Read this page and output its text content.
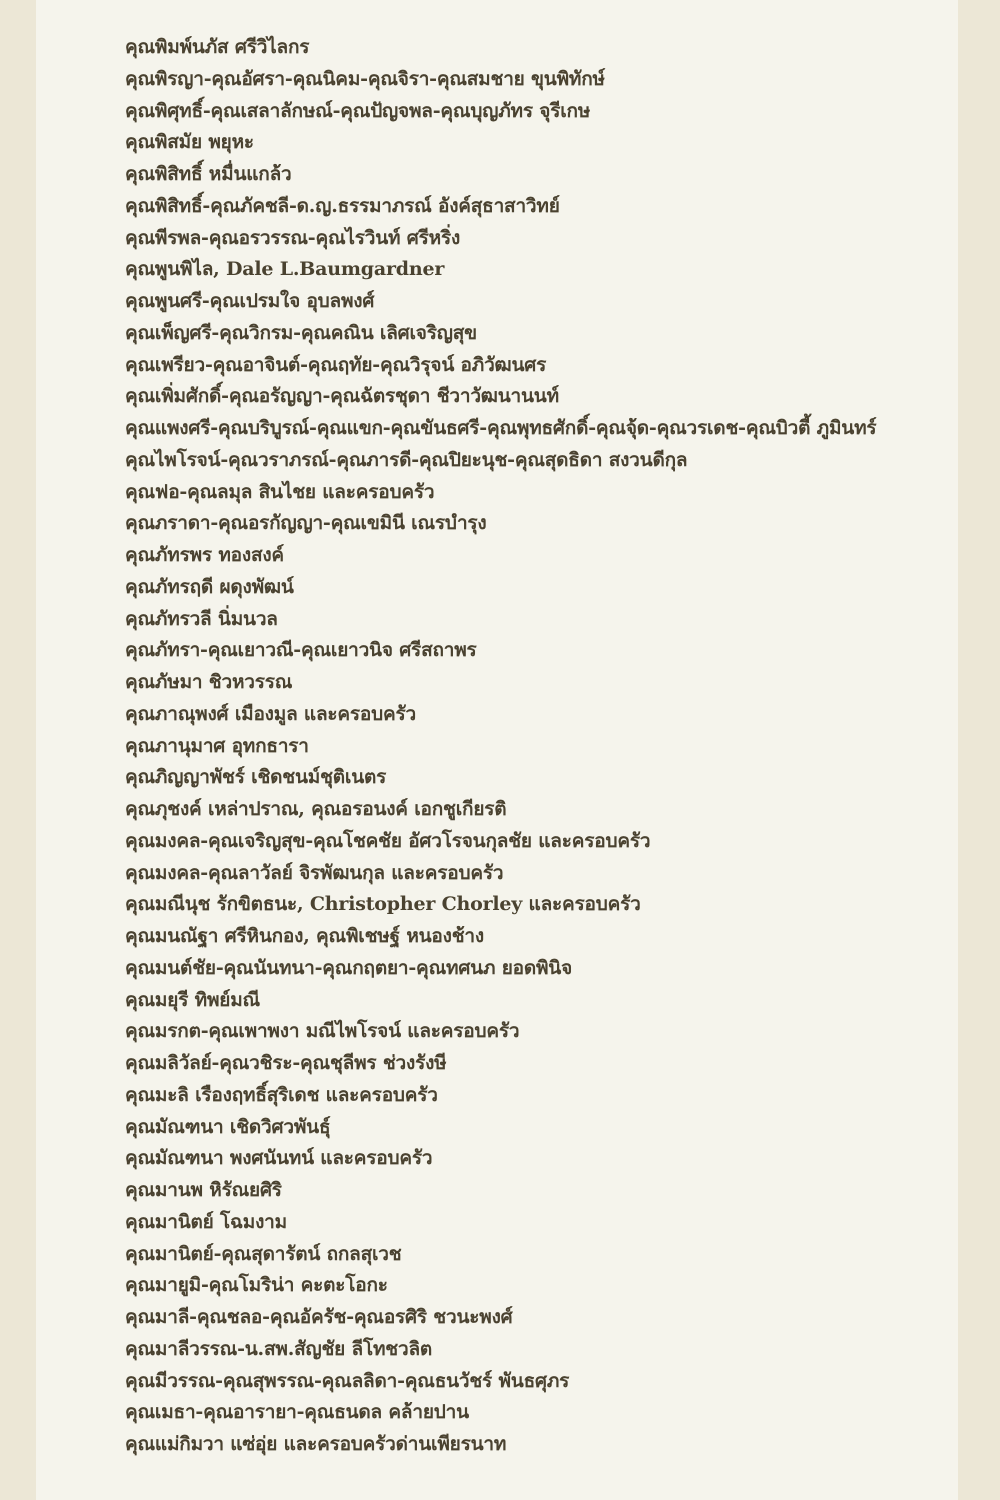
คุณพิมพ์นภัส ศรีวิไลกร
คุณพิรญา-คุณอัศรา-คุณนิคม-คุณจิรา-คุณสมชาย ขุนพิทักษ์
คุณพิศุทธิ์-คุณเสลาลักษณ์-คุณปัญจพล-คุณบุญภัทร จุรีเกษ
คุณพิสมัย พยุหะ
คุณพิสิทธิ์ หมื่นแกล้ว
คุณพิสิทธิ์-คุณภัคชลี-ด.ญ.ธรรมาภรณ์ อังค์สุธาสาวิทย์
คุณพีรพล-คุณอรวรรณ-คุณไรวินท์ ศรีหริ่ง
คุณพูนพิไล, Dale L.Baumgardner
คุณพูนศรี-คุณเปรมใจ อุบลพงศ์
คุณเพ็ญศรี-คุณวิกรม-คุณคณิน เลิศเจริญสุข
คุณเพรียว-คุณอาจินต์-คุณฤทัย-คุณวิรุจน์ อภิวัฒนศร
คุณเพิ่มศักดิ์-คุณอรัญญา-คุณฉัตรชุดา ชีวาวัฒนานนท์
คุณแพงศรี-คุณบริบูรณ์-คุณแขก-คุณขันธศรี-คุณพุทธศักดิ์-คุณจุ้ด-คุณวรเดช-คุณบิวตี้ ภูมินทร์
คุณไพโรจน์-คุณวราภรณ์-คุณภารดี-คุณปิยะนุช-คุณสุดธิดา สงวนดีกุล
คุณฟอ-คุณลมุล สินไชย และครอบครัว
คุณภราดา-คุณอรกัญญา-คุณเขมินี เณรบำรุง
คุณภัทรพร ทองสงค์
คุณภัทรฤดี ผดุงพัฒน์
คุณภัทรวลี นิ่มนวล
คุณภัทรา-คุณเยาวณี-คุณเยาวนิจ ศรีสถาพร
คุณภัษมา ชิวหวรรณ
คุณภาณุพงศ์ เมืองมูล และครอบครัว
คุณภานุมาศ อุทกธารา
คุณภิญญาพัชร์ เชิดชนม์ชุติเนตร
คุณภุชงค์ เหล่าปราณ, คุณอรอนงค์ เอกชูเกียรติ
คุณมงคล-คุณเจริญสุข-คุณโชคชัย อัศวโรจนกุลชัย และครอบครัว
คุณมงคล-คุณลาวัลย์ จิรพัฒนกุล และครอบครัว
คุณมณีนุช รักขิตธนะ, Christopher Chorley และครอบครัว
คุณมนณัฐา ศรีหินกอง, คุณพิเชษฐ์ หนองช้าง
คุณมนต์ชัย-คุณนันทนา-คุณกฤตยา-คุณทศนภ ยอดพินิจ
คุณมยุรี ทิพย์มณี
คุณมรกต-คุณเพาพงา มณีไพโรจน์ และครอบครัว
คุณมลิวัลย์-คุณวชิระ-คุณชุลีพร ช่วงรังษี
คุณมะลิ เรืองฤทธิ์สุริเดช และครอบครัว
คุณมัณฑนา เชิดวิศวพันธุ์
คุณมัณฑนา พงศนันทน์ และครอบครัว
คุณมานพ หิรัณยศิริ
คุณมานิตย์ โฉมงาม
คุณมานิตย์-คุณสุดารัตน์ ถกลสุเวช
คุณมายูมิ-คุณโมริน่า คะตะโอกะ
คุณมาลี-คุณชลอ-คุณอัครัช-คุณอรศิริ ชวนะพงศ์
คุณมาลีวรรณ-น.สพ.สัญชัย ลีโทชวลิต
คุณมีวรรณ-คุณสุพรรณ-คุณลลิดา-คุณธนวัชร์ พันธศุภร
คุณเมธา-คุณอารายา-คุณธนดล คล้ายปาน
คุณแม่กิมวา แซ่อุ่ย และครอบครัวด่านเพียรนาท
